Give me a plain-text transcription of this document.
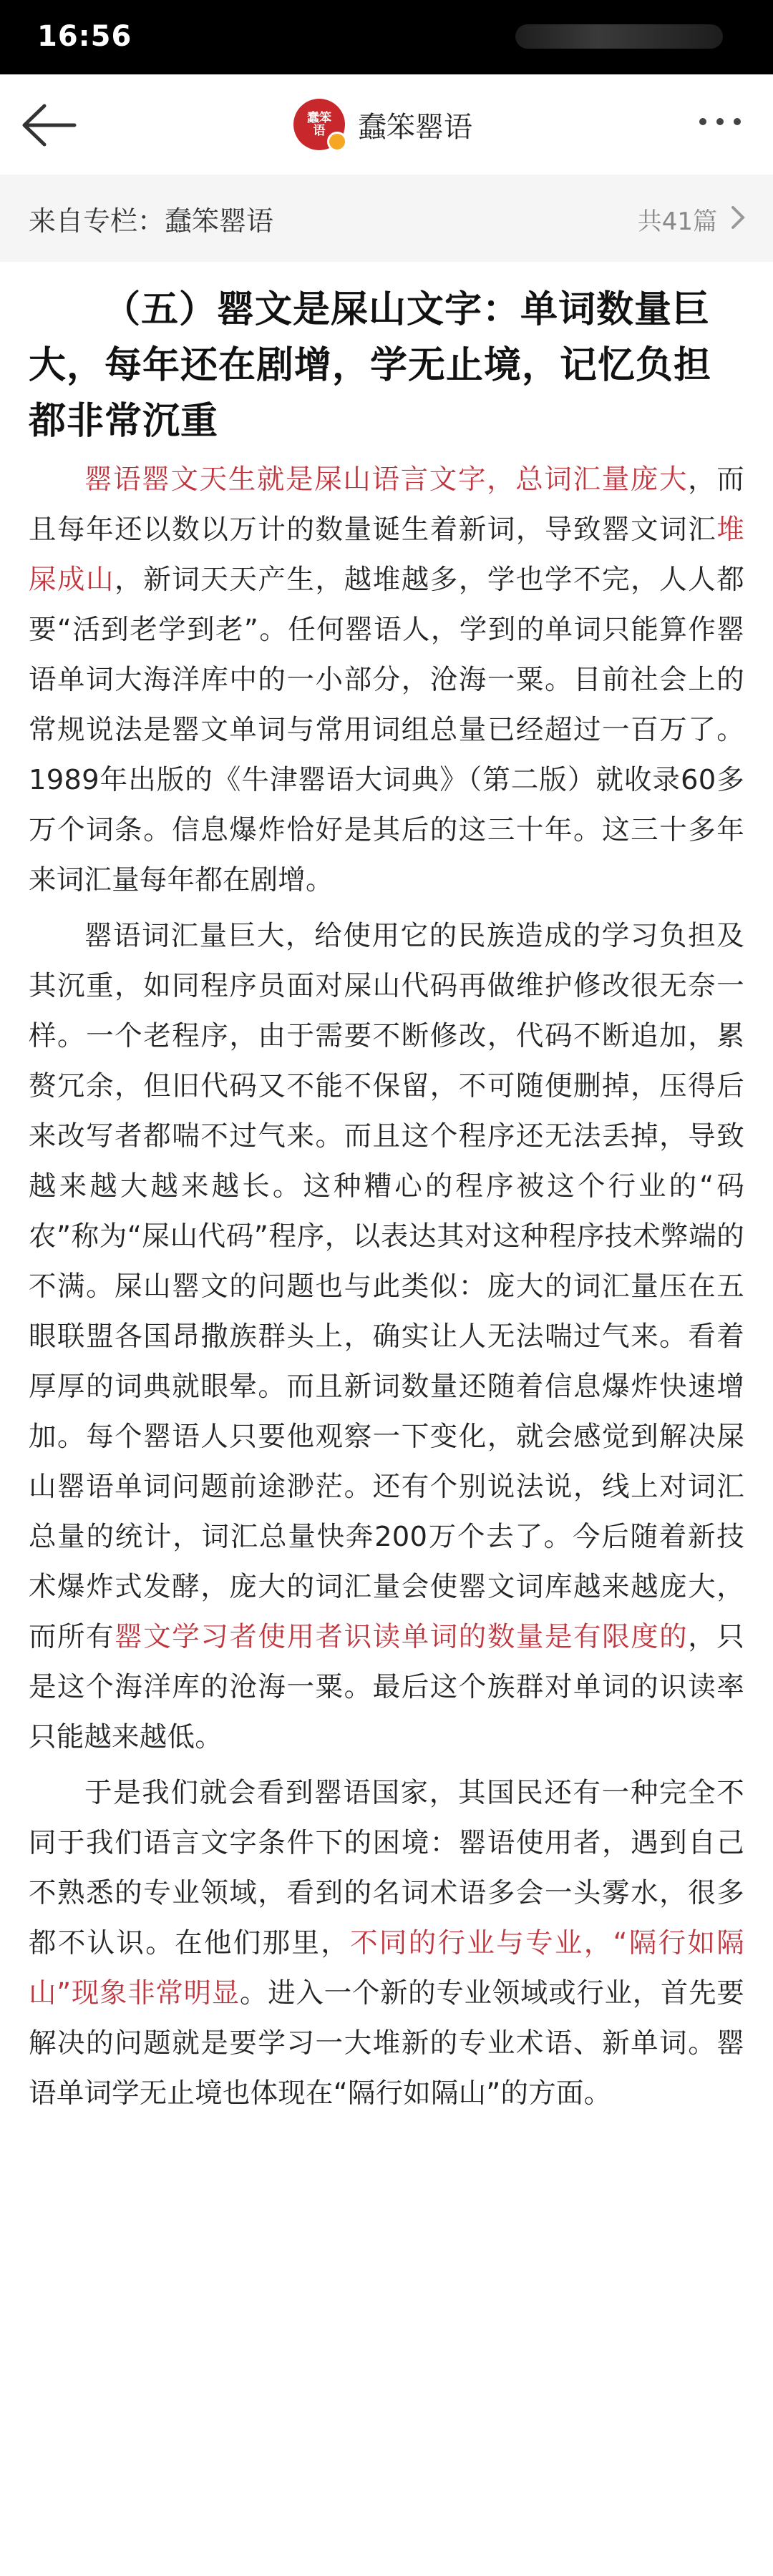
16:56
蠢笨语	蠢笨罂语
来自专栏：蠢笨罂语	共41篇
（五）罂文是屎山文字：单词数量巨大，每年还在剧增，学无止境，记忆负担都非常沉重

罂语罂文天生就是屎山语言文字，总词汇量庞大，而且每年还以数以万计的数量诞生着新词，导致罂文词汇堆屎成山，新词天天产生，越堆越多，学也学不完，人人都要“活到老学到老”。任何罂语人，学到的单词只能算作罂语单词大海洋库中的一小部分，沧海一粟。目前社会上的常规说法是罂文单词与常用词组总量已经超过一百万了。1989年出版的《牛津罂语大词典》（第二版）就收录60多万个词条。信息爆炸恰好是其后的这三十年。这三十多年来词汇量每年都在剧增。

罂语词汇量巨大，给使用它的民族造成的学习负担及其沉重，如同程序员面对屎山代码再做维护修改很无奈一样。一个老程序，由于需要不断修改，代码不断追加，累赘冗余，但旧代码又不能不保留，不可随便删掉，压得后来改写者都喘不过气来。而且这个程序还无法丢掉，导致越来越大越来越长。这种糟心的程序被这个行业的“码农”称为“屎山代码”程序，以表达其对这种程序技术弊端的不满。屎山罂文的问题也与此类似：庞大的词汇量压在五眼联盟各国昂撒族群头上，确实让人无法喘过气来。看着厚厚的词典就眼晕。而且新词数量还随着信息爆炸快速增加。每个罂语人只要他观察一下变化，就会感觉到解决屎山罂语单词问题前途渺茫。还有个别说法说，线上对词汇总量的统计，词汇总量快奔200万个去了。今后随着新技术爆炸式发酵，庞大的词汇量会使罂文词库越来越庞大，而所有罂文学习者使用者识读单词的数量是有限度的，只是这个海洋库的沧海一粟。最后这个族群对单词的识读率只能越来越低。

于是我们就会看到罂语国家，其国民还有一种完全不同于我们语言文字条件下的困境：罂语使用者，遇到自己不熟悉的专业领域，看到的名词术语多会一头雾水，很多都不认识。在他们那里，不同的行业与专业，“隔行如隔山”现象非常明显。进入一个新的专业领域或行业，首先要解决的问题就是要学习一大堆新的专业术语、新单词。罂语单词学无止境也体现在“隔行如隔山”的方面。
